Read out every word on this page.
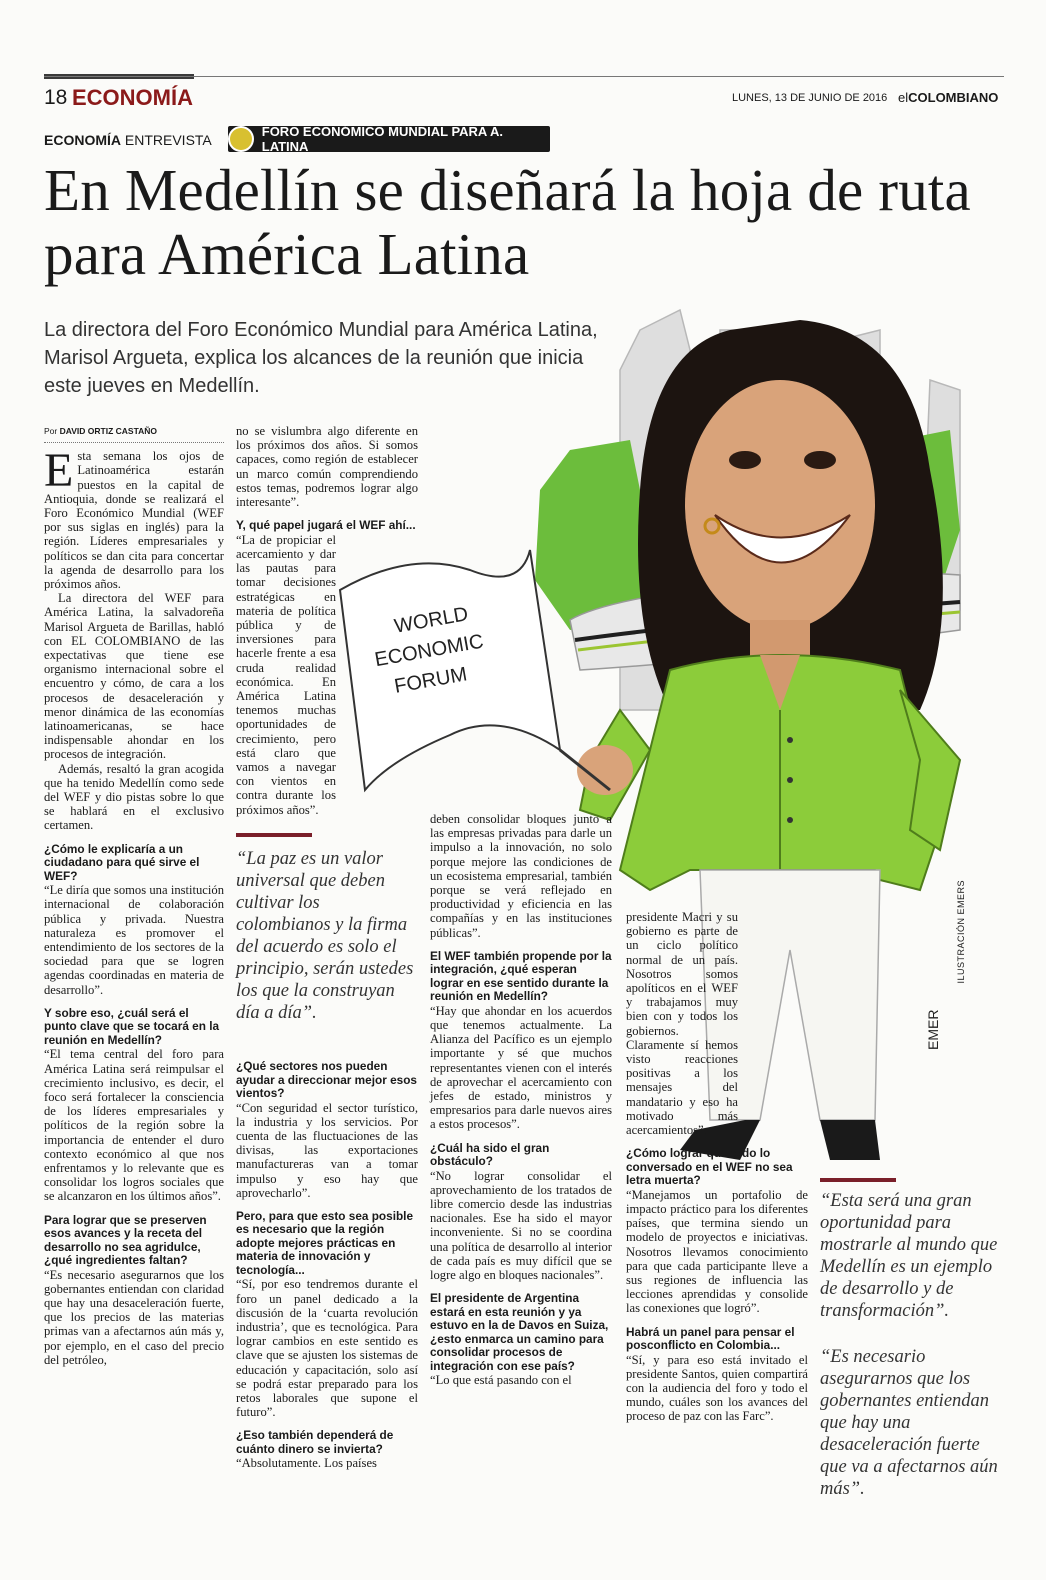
18 ECONOMÍA	LUNES, 13 DE JUNIO DE 2016 elCOLOMBIANO
ECONOMÍA ENTREVISTA
FORO ECONÓMICO MUNDIAL PARA A. LATINA
En Medellín se diseñará la hoja de ruta para América Latina
La directora del Foro Económico Mundial para América Latina, Marisol Argueta, explica los alcances de la reunión que inicia este jueves en Medellín.
WORLD
ECONOMIC
FORUM
EMER
ILUSTRACIÓN EMERS
Por DAVID ORTIZ CASTAÑO

Esta semana los ojos de Latinoamérica estarán puestos en la capital de Antioquia, donde se realizará el Foro Económico Mundial (WEF por sus siglas en inglés) para la región. Líderes empresariales y políticos se dan cita para concertar la agenda de desarrollo para los próximos años.

La directora del WEF para América Latina, la salvadoreña Marisol Argueta de Barillas, habló con EL COLOMBIANO de las expectativas que tiene ese organismo internacional sobre el encuentro y cómo, de cara a los procesos de desaceleración y menor dinámica de las economías latinoamericanas, se hace indispensable ahondar en los procesos de integración.

Además, resaltó la gran acogida que ha tenido Medellín como sede del WEF y dio pistas sobre lo que se hablará en el exclusivo certamen.

¿Cómo le explicaría a un ciudadano para qué sirve el WEF?

“Le diría que somos una institución internacional de colaboración pública y privada. Nuestra naturaleza es promover el entendimiento de los sectores de la sociedad para que se logren agendas coordinadas en materia de desarrollo”.

Y sobre eso, ¿cuál será el punto clave que se tocará en la reunión en Medellín?

“El tema central del foro para América Latina será reimpulsar el crecimiento inclusivo, es decir, el foco será fortalecer la consciencia de los líderes empresariales y políticos de la región sobre la importancia de entender el duro contexto económico al que nos enfrentamos y lo relevante que es consolidar los logros sociales que se alcanzaron en los últimos años”.

Para lograr que se preserven esos avances y la receta del desarrollo no sea agridulce, ¿qué ingredientes faltan?

“Es necesario asegurarnos que los gobernantes entiendan con claridad que hay una desaceleración fuerte, que los precios de las materias primas van a afectarnos aún más y, por ejemplo, en el caso del precio del petróleo,

no se vislumbra algo diferente en los próximos dos años. Si somos capaces, como región de establecer un marco común comprendiendo estos temas, podremos lograr algo interesante”.

Y, qué papel jugará el WEF ahí...

“La de propiciar el acercamiento y dar las pautas para tomar decisiones estratégicas en materia de política pública y de inversiones para hacerle frente a esa cruda realidad económica. En América Latina tenemos muchas oportunidades de crecimiento, pero está claro que vamos a navegar con vientos en contra durante los próximos años”.

“La paz es un valor universal que deben cultivar los colombianos y la firma del acuerdo es solo el principio, serán ustedes los que la construyan día a día”.
¿Qué sectores nos pueden ayudar a direccionar mejor esos vientos?

“Con seguridad el sector turístico, la industria y los servicios. Por cuenta de las fluctuaciones de las divisas, las exportaciones manufactureras van a tomar impulso y eso hay que aprovecharlo”.

Pero, para que esto sea posible es necesario que la región adopte mejores prácticas en materia de innovación y tecnología...

“Sí, por eso tendremos durante el foro un panel dedicado a la discusión de la ‘cuarta revolución industria’, que es tecnológica. Para lograr cambios en este sentido es clave que se ajusten los sistemas de educación y capacitación, solo así se podrá estar preparado para los retos laborales que supone el futuro”.

¿Eso también dependerá de cuánto dinero se invierta?

“Absolutamente. Los países

deben consolidar bloques junto a las empresas privadas para darle un impulso a la innovación, no solo porque mejore las condiciones de un ecosistema empresarial, también porque se verá reflejado en productividad y eficiencia en las compañías y en las instituciones públicas”.

El WEF también propende por la integración, ¿qué esperan lograr en ese sentido durante la reunión en Medellín?

“Hay que ahondar en los acuerdos que tenemos actualmente. La Alianza del Pacífico es un ejemplo importante y sé que muchos representantes vienen con el interés de aprovechar el acercamiento con jefes de estado, ministros y empresarios para darle nuevos aires a estos procesos”.

¿Cuál ha sido el gran obstáculo?

“No lograr consolidar el aprovechamiento de los tratados de libre comercio desde las industrias nacionales. Ese ha sido el mayor inconveniente. Si no se coordina una política de desarrollo al interior de cada país es muy difícil que se logre algo en bloques nacionales”.

El presidente de Argentina estará en esta reunión y ya estuvo en la de Davos en Suiza, ¿esto enmarca un camino para consolidar procesos de integración con ese país?

“Lo que está pasando con el

presidente Macri y su gobierno es parte de un ciclo político normal de un país. Nosotros somos apolíticos en el WEF y trabajamos muy bien con y todos los gobiernos. Claramente sí hemos visto reacciones positivas a los mensajes del mandatario y eso ha motivado más acercamientos”.

¿Cómo lograr que todo lo conversado en el WEF no sea letra muerta?

“Manejamos un portafolio de impacto práctico para los diferentes países, que termina siendo un modelo de proyectos e iniciativas. Nosotros llevamos conocimiento para que cada participante lleve a sus regiones de influencia las lecciones aprendidas y consolide las conexiones que logró”.

Habrá un panel para pensar el posconflicto en Colombia...

“Sí, y para eso está invitado el presidente Santos, quien compartirá con la audiencia del foro y todo el mundo, cuáles son los avances del proceso de paz con las Farc”.

“Esta será una gran oportunidad para mostrarle al mundo que Medellín es un ejemplo de desarrollo y de transformación”.
“Es necesario asegurarnos que los gobernantes entiendan que hay una desaceleración fuerte que va a afectarnos aún más”.
